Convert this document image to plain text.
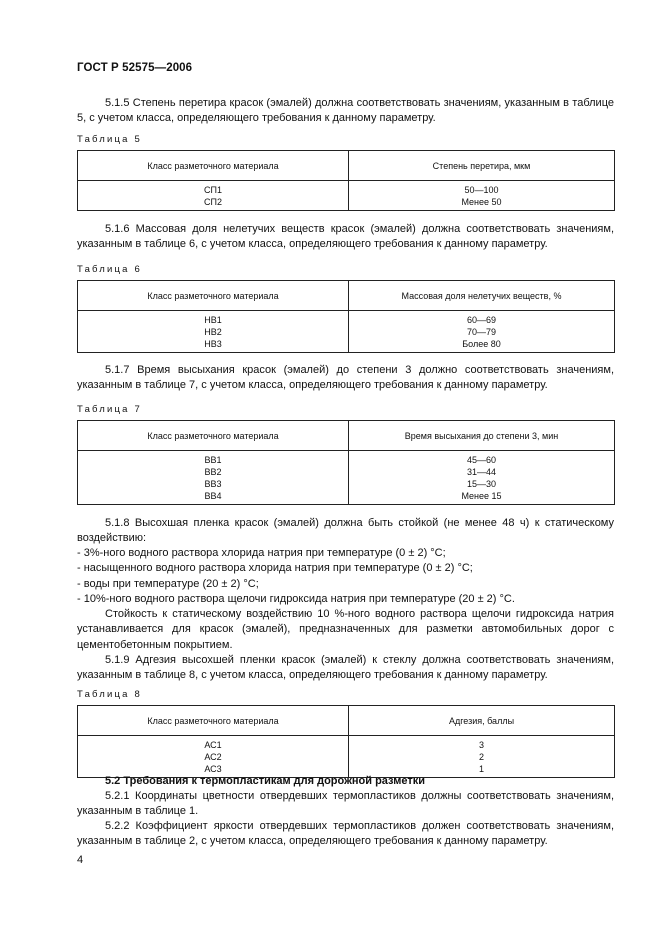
ГОСТ Р 52575—2006
5.1.5 Степень перетира красок (эмалей) должна соответствовать значениям, указанным в таблице 5, с учетом класса, определяющего требования к данному параметру.
Таблица 5
Класс разметочного материала	Степень перетира, мкм
СП1	50—100
СП2	Менее 50
5.1.6 Массовая доля нелетучих веществ красок (эмалей) должна соответствовать значениям, указанным в таблице 6, с учетом класса, определяющего требования к данному параметру.
Таблица 6
Класс разметочного материала	Массовая доля нелетучих веществ, %
НВ1	60—69
НВ2	70—79
НВ3	Более 80
5.1.7 Время высыхания красок (эмалей) до степени 3 должно соответствовать значениям, указанным в таблице 7, с учетом класса, определяющего требования к данному параметру.
Таблица 7
Класс разметочного материала	Время высыхания до степени 3, мин
ВВ1	45—60
ВВ2	31—44
ВВ3	15—30
ВВ4	Менее 15
5.1.8 Высохшая пленка красок (эмалей) должна быть стойкой (не менее 48 ч) к статическому воздействию:
- 3%-ного водного раствора хлорида натрия при температуре (0 ± 2) °С;
- насыщенного водного раствора хлорида натрия при температуре (0 ± 2) °С;
- воды при температуре (20 ± 2) °С;
- 10%-ного водного раствора щелочи гидроксида натрия при температуре (20 ± 2) °С.
Стойкость к статическому воздействию 10 %-ного водного раствора щелочи гидроксида натрия устанавливается для красок (эмалей), предназначенных для разметки автомобильных дорог с цементобетонным покрытием.
5.1.9 Адгезия высохшей пленки красок (эмалей) к стеклу должна соответствовать значениям, указанным в таблице 8, с учетом класса, определяющего требования к данному параметру.
Таблица 8
Класс разметочного материала	Адгезия, баллы
АС1	3
АС2	2
АС3	1
5.2 Требования к термопластикам для дорожной разметки
5.2.1 Координаты цветности отвердевших термопластиков должны соответствовать значениям, указанным в таблице 1.
5.2.2 Коэффициент яркости отвердевших термопластиков должен соответствовать значениям, указанным в таблице 2, с учетом класса, определяющего требования к данному параметру.
4
